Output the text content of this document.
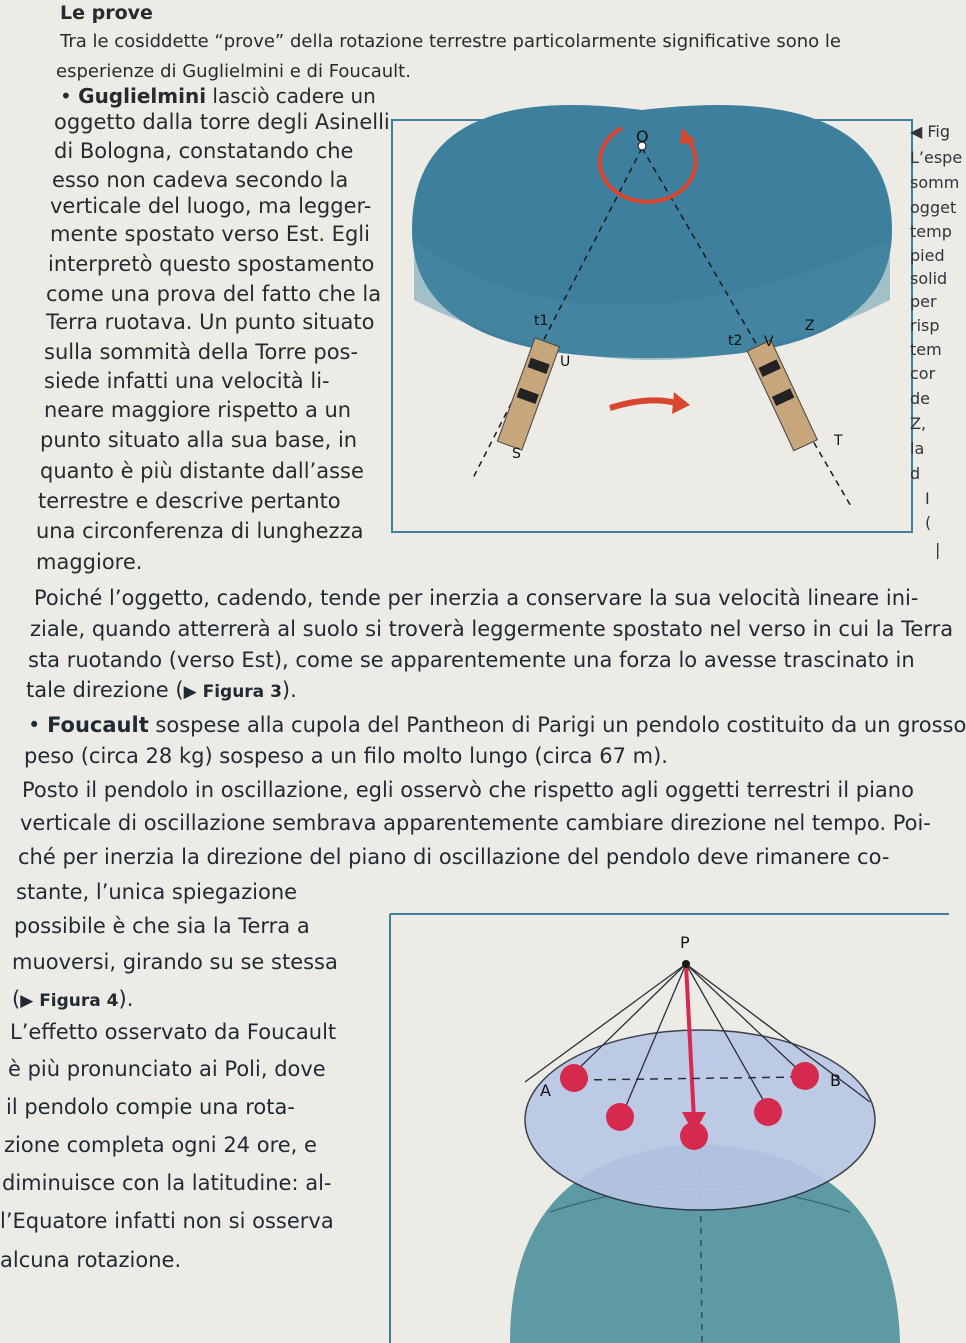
Le prove
Tra le cosiddette “prove” della rotazione terrestre particolarmente significative sono le
esperienze di Guglielmini e di Foucault.
• Guglielmini lasciò cadere un
oggetto dalla torre degli Asinelli
di Bologna, constatando che
esso non cadeva secondo la
verticale del luogo, ma legger-
mente spostato verso Est. Egli
interpretò questo spostamento
come una prova del fatto che la
Terra ruotava. Un punto situato
sulla sommità della Torre pos-
siede infatti una velocità li-
neare maggiore rispetto a un
punto situato alla sua base, in
quanto è più distante dall’asse
terrestre e descrive pertanto
una circonferenza di lunghezza
maggiore.
O
t1
t2
Z
U
V
S
T
◀ Fig
L’espe
somm
ogget
temp
pied
solid
per
risp
tem
cor
de
Z,
la
d
I
(
|
Poiché l’oggetto, cadendo, tende per inerzia a conservare la sua velocità lineare ini-
ziale, quando atterrerà al suolo si troverà leggermente spostato nel verso in cui la Terra
sta ruotando (verso Est), come se apparentemente una forza lo avesse trascinato in
tale direzione (▶ Figura 3).
• Foucault sospese alla cupola del Pantheon di Parigi un pendolo costituito da un grosso
peso (circa 28 kg) sospeso a un filo molto lungo (circa 67 m).
Posto il pendolo in oscillazione, egli osservò che rispetto agli oggetti terrestri il piano
verticale di oscillazione sembrava apparentemente cambiare direzione nel tempo. Poi-
ché per inerzia la direzione del piano di oscillazione del pendolo deve rimanere co-
stante, l’unica spiegazione
possibile è che sia la Terra a
muoversi, girando su se stessa
(▶ Figura 4).
L’effetto osservato da Foucault
è più pronunciato ai Poli, dove
il pendolo compie una rota-
zione completa ogni 24 ore, e
diminuisce con la latitudine: al-
l’Equatore infatti non si osserva
alcuna rotazione.
P
A
B
